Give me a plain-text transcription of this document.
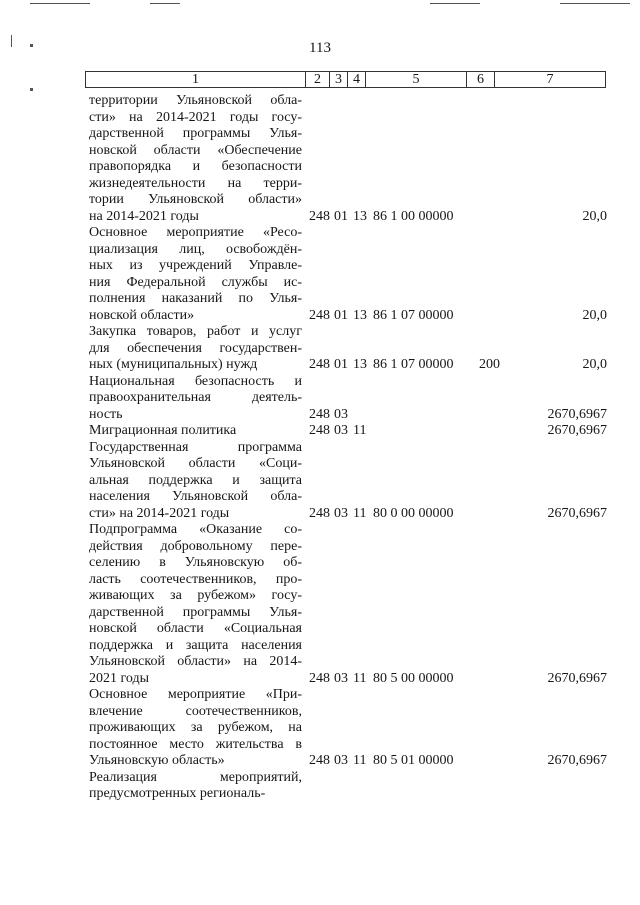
113
1	2	3 4	5	6	7
территории Ульяновской обла-
сти» на 2014-2021 годы госу-
дарственной программы Улья-
новской области «Обеспечение
правопорядка и безопасности
жизнедеятельности на терри-
тории Ульяновской области»
на 2014-2021 годы	248 01 13 86 1 00 00000	20,0
Основное мероприятие «Ресо-
циализация лиц, освобождён-
ных из учреждений Управле-
ния Федеральной службы ис-
полнения наказаний по Улья-
новской области»	248 01 13 86 1 07 00000	20,0
Закупка товаров, работ и услуг
для обеспечения государствен-
ных (муниципальных) нужд	248 01 13 86 1 07 00000 200	20,0
Национальная безопасность и
правоохранительная деятель-
ность	248 03	2670,6967
Миграционная политика	248 03 11	2670,6967
Государственная программа
Ульяновской области «Соци-
альная поддержка и защита
населения Ульяновской обла-
сти» на 2014-2021 годы	248 03 11 80 0 00 00000	2670,6967
Подпрограмма «Оказание со-
действия добровольному пере-
селению в Ульяновскую об-
ласть соотечественников, про-
живающих за рубежом» госу-
дарственной программы Улья-
новской области «Социальная
поддержка и защита населения
Ульяновской области» на 2014-
2021 годы	248 03 11 80 5 00 00000	2670,6967
Основное мероприятие «При-
влечение соотечественников,
проживающих за рубежом, на
постоянное место жительства в
Ульяновскую область»	248 03 11 80 5 01 00000	2670,6967
Реализация мероприятий,
предусмотренных региональ-
